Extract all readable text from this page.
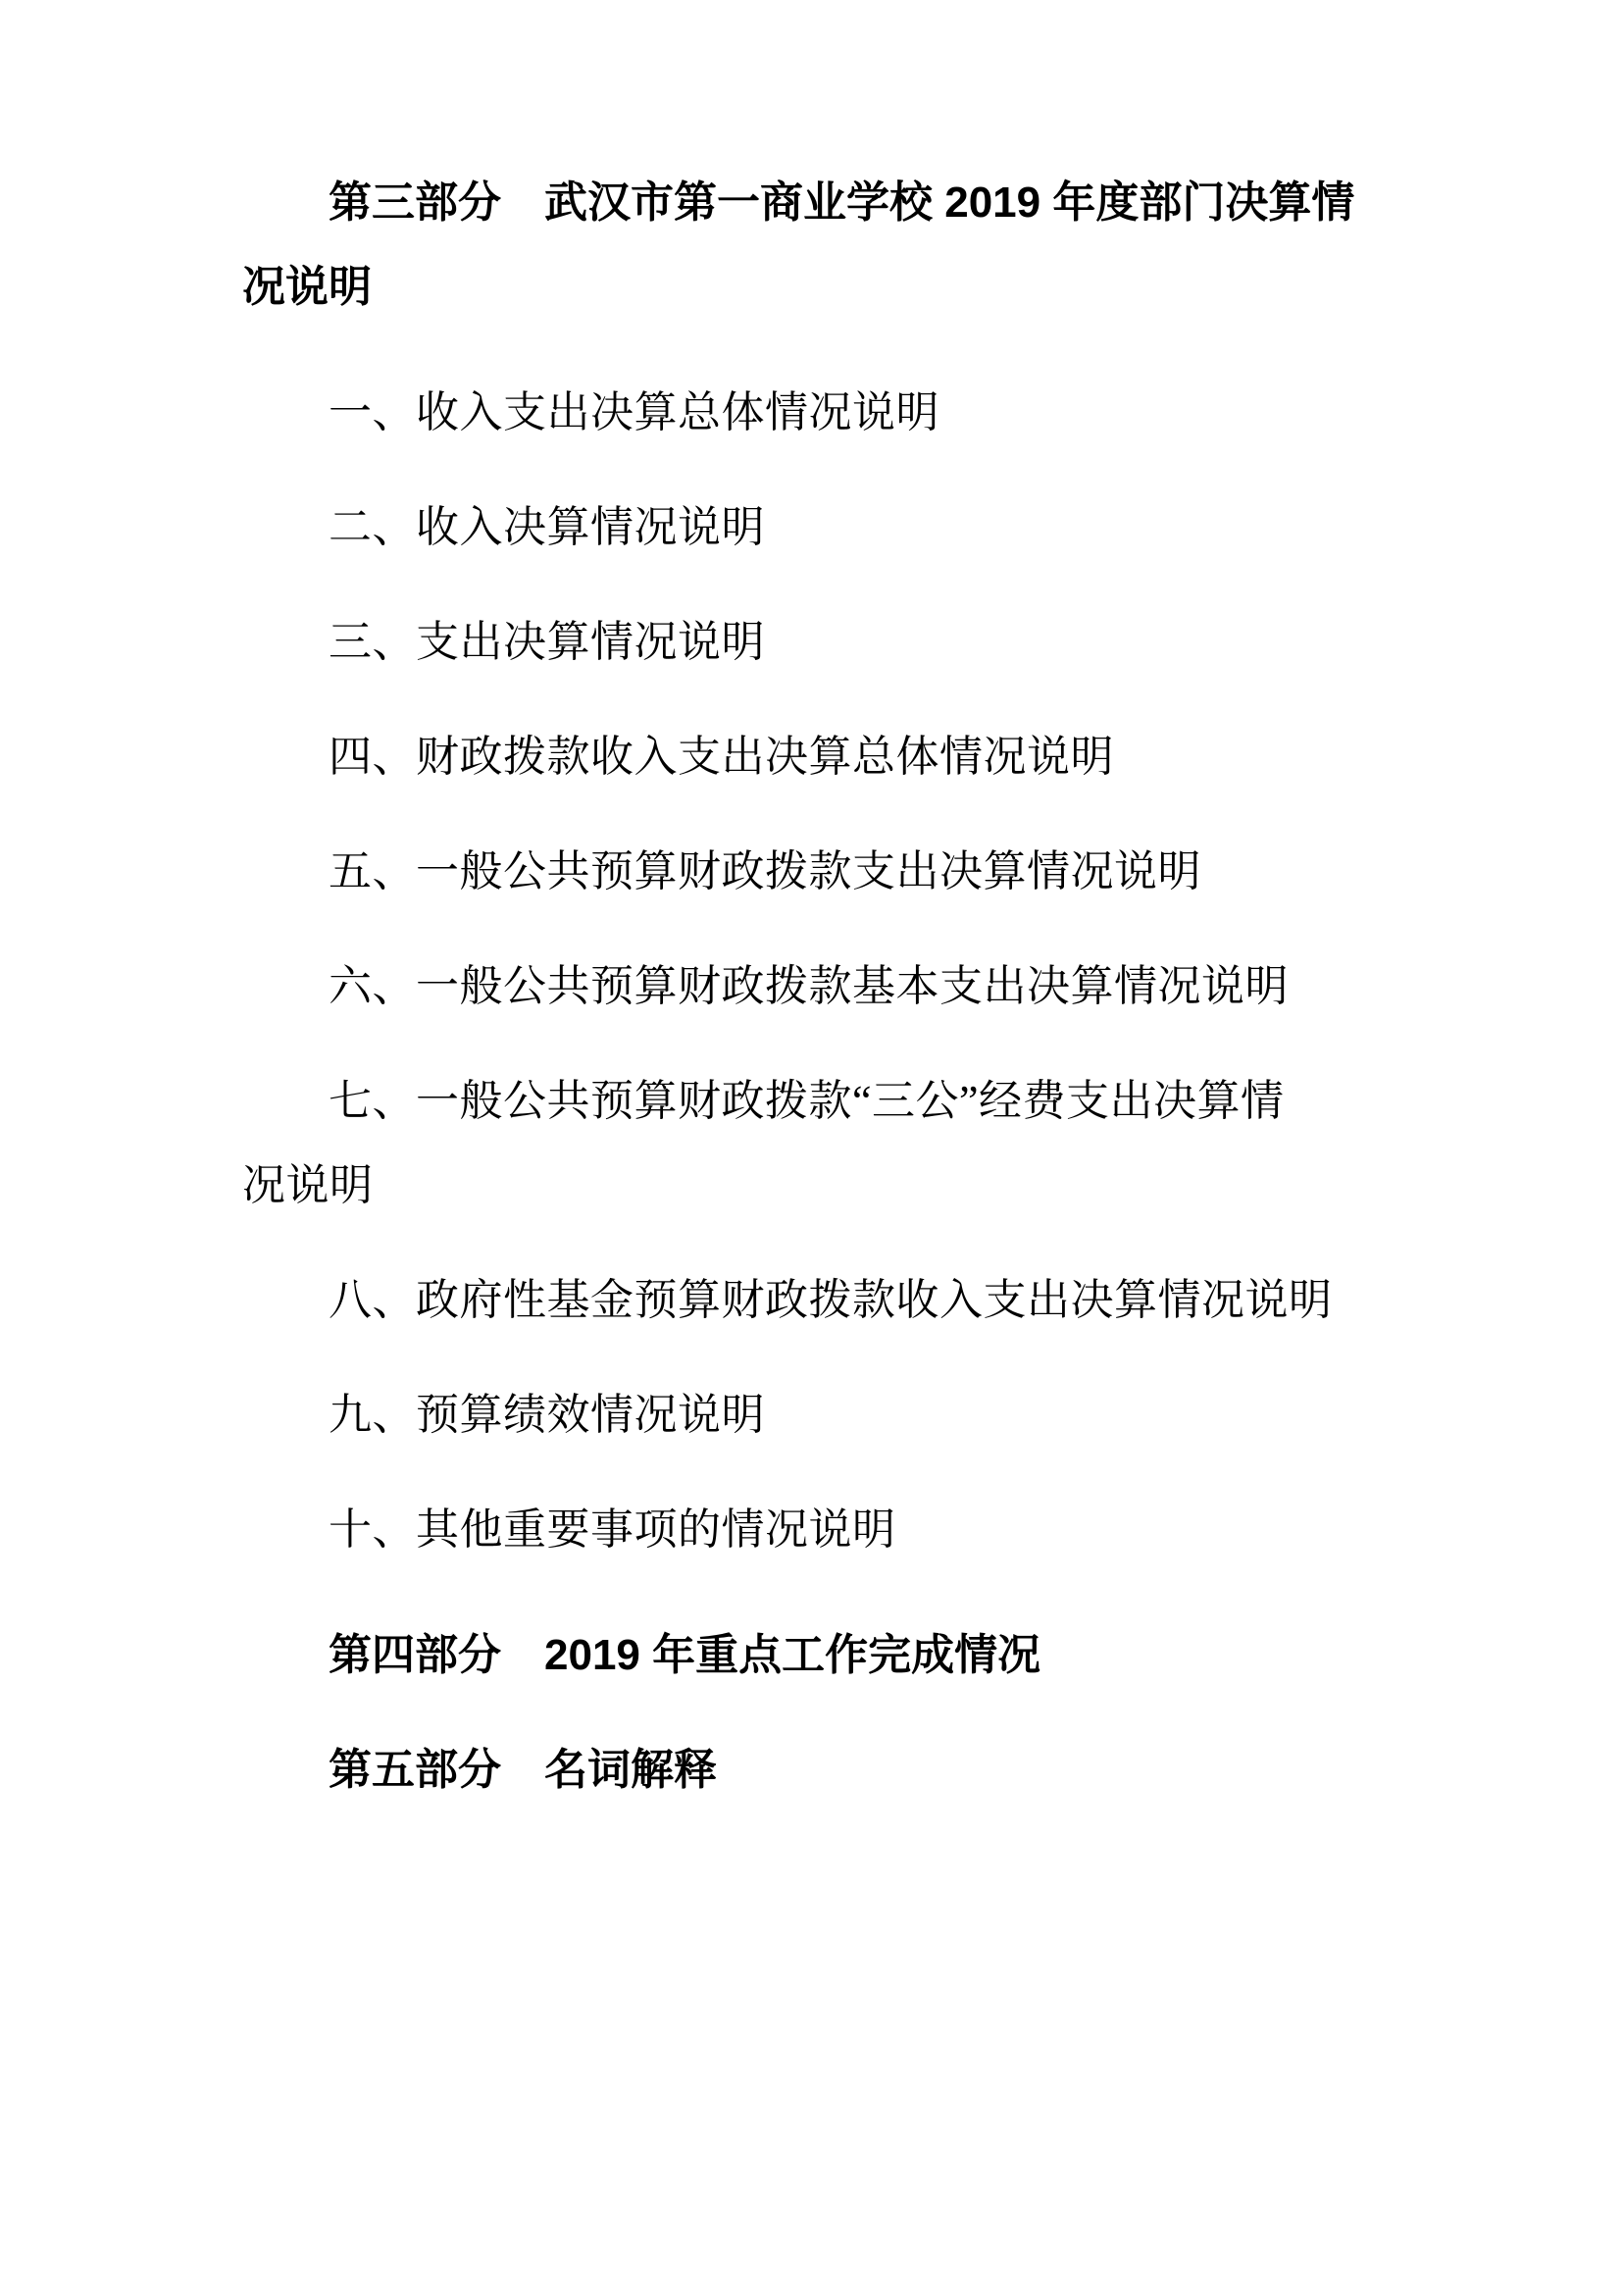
第三部分　武汉市第一商业学校 2019 年度部门决算情
况说明
一、收入支出决算总体情况说明
二、收入决算情况说明
三、支出决算情况说明
四、财政拨款收入支出决算总体情况说明
五、一般公共预算财政拨款支出决算情况说明
六、一般公共预算财政拨款基本支出决算情况说明
七、一般公共预算财政拨款“三公”经费支出决算情
况说明
八、政府性基金预算财政拨款收入支出决算情况说明
九、预算绩效情况说明
十、其他重要事项的情况说明
第四部分　2019 年重点工作完成情况
第五部分　名词解释
